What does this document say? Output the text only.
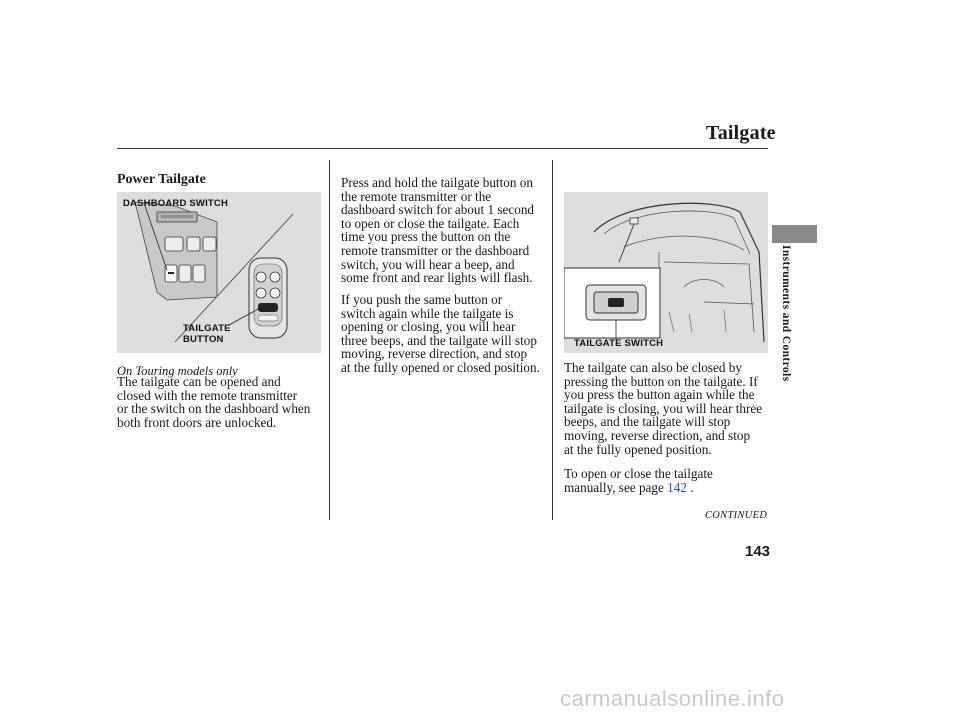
Tailgate
Power Tailgate
DASHBOARD SWITCH
TAILGATE
BUTTON
On Touring models only
The tailgate can be opened and
closed with the remote transmitter
or the switch on the dashboard when
both front doors are unlocked.
Press and hold the tailgate button on
the remote transmitter or the
dashboard switch for about 1 second
to open or close the tailgate. Each
time you press the button on the
remote transmitter or the dashboard
switch, you will hear a beep, and
some front and rear lights will flash.
If you push the same button or
switch again while the tailgate is
opening or closing, you will hear
three beeps, and the tailgate will stop
moving, reverse direction, and stop
at the fully opened or closed position.
TAILGATE SWITCH
The tailgate can also be closed by
pressing the button on the tailgate. If
you press the button again while the
tailgate is closing, you will hear three
beeps, and the tailgate will stop
moving, reverse direction, and stop
at the fully opened position.
To open or close the tailgate
manually, see page 142 .
CONTINUED
143
Instruments and Controls
carmanualsonline.info
